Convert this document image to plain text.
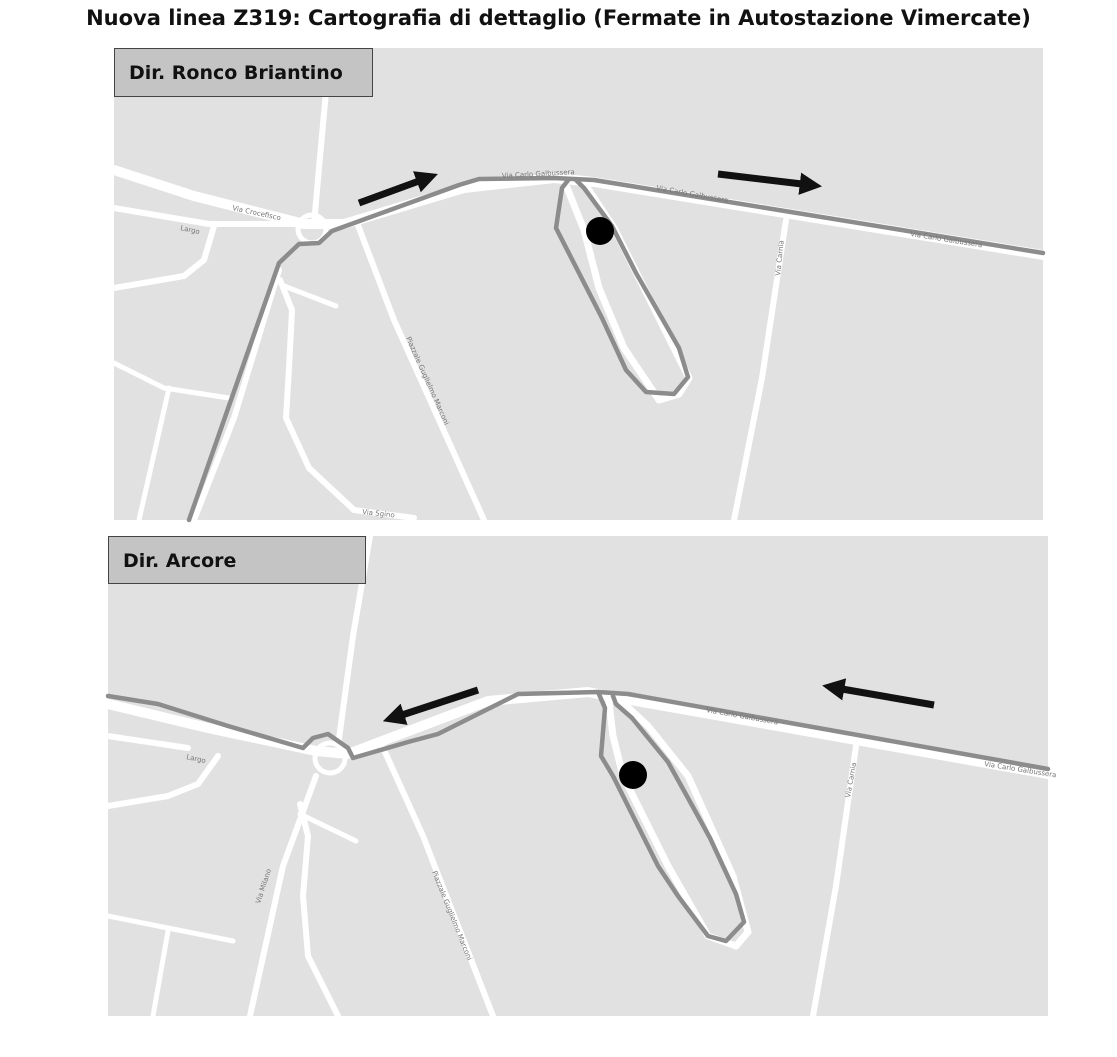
Nuova linea Z319: Cartografia di dettaglio (Fermate in Autostazione Vimercate)
Via Carlo Galbussera
Via Carlo Galbussera
Via Carlo Galbussera
Via Crocefisco
Largo
Piazzale Guglielmo Marconi
Via Carnia
Via Sgino
Dir. Ronco Briantino
Via Carlo Galbussera
Via Carlo Galbussera
Largo
Piazzale Guglielmo Marconi
Via Carnia
Via Milano
Dir. Arcore
